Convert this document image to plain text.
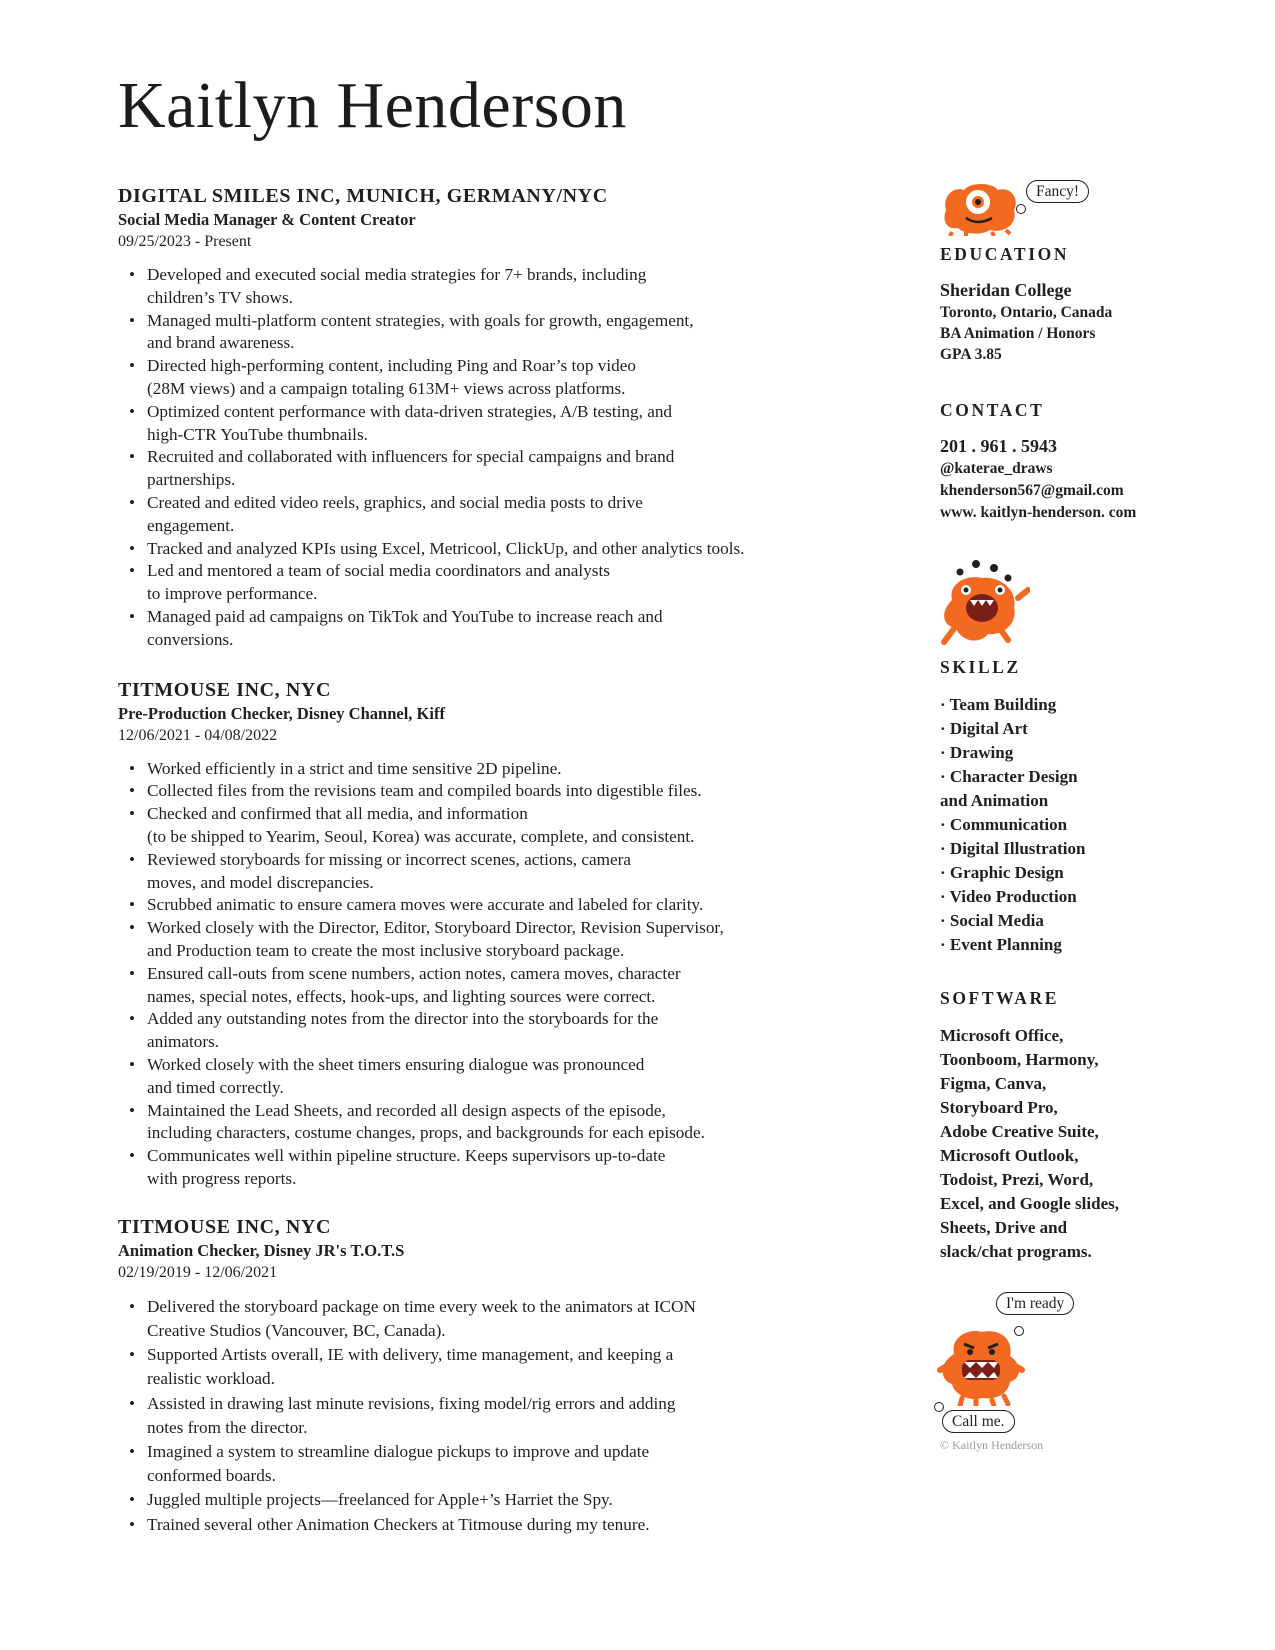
Kaitlyn Henderson
DIGITAL SMILES INC, MUNICH, GERMANY/NYC
Social Media Manager & Content Creator
09/25/2023 - Present
• Developed and executed social media strategies for 7+ brands, including
children’s TV shows.
• Managed multi-platform content strategies, with goals for growth, engagement,
and brand awareness.
• Directed high-performing content, including Ping and Roar’s top video
(28M views) and a campaign totaling 613M+ views across platforms.
• Optimized content performance with data-driven strategies, A/B testing, and
high-CTR YouTube thumbnails.
• Recruited and collaborated with influencers for special campaigns and brand
partnerships.
• Created and edited video reels, graphics, and social media posts to drive
engagement.
• Tracked and analyzed KPIs using Excel, Metricool, ClickUp, and other analytics tools.
• Led and mentored a team of social media coordinators and analysts
to improve performance.
• Managed paid ad campaigns on TikTok and YouTube to increase reach and
conversions.
TITMOUSE INC, NYC
Pre-Production Checker, Disney Channel, Kiff
12/06/2021 - 04/08/2022
• Worked efficiently in a strict and time sensitive 2D pipeline.
• Collected files from the revisions team and compiled boards into digestible files.
• Checked and confirmed that all media, and information
(to be shipped to Yearim, Seoul, Korea) was accurate, complete, and consistent.
• Reviewed storyboards for missing or incorrect scenes, actions, camera
moves, and model discrepancies.
• Scrubbed animatic to ensure camera moves were accurate and labeled for clarity.
• Worked closely with the Director, Editor, Storyboard Director, Revision Supervisor,
and Production team to create the most inclusive storyboard package.
• Ensured call-outs from scene numbers, action notes, camera moves, character
names, special notes, effects, hook-ups, and lighting sources were correct.
• Added any outstanding notes from the director into the storyboards for the
animators.
• Worked closely with the sheet timers ensuring dialogue was pronounced
and timed correctly.
• Maintained the Lead Sheets, and recorded all design aspects of the episode,
including characters, costume changes, props, and backgrounds for each episode.
• Communicates well within pipeline structure. Keeps supervisors up-to-date
with progress reports.
TITMOUSE INC, NYC
Animation Checker, Disney JR's T.O.T.S
02/19/2019 - 12/06/2021
• Delivered the storyboard package on time every week to the animators at ICON
Creative Studios (Vancouver, BC, Canada).
• Supported Artists overall, IE with delivery, time management, and keeping a
realistic workload.
• Assisted in drawing last minute revisions, fixing model/rig errors and adding
notes from the director.
• Imagined a system to streamline dialogue pickups to improve and update
conformed boards.
• Juggled multiple projects—freelanced for Apple+’s Harriet the Spy.
• Trained several other Animation Checkers at Titmouse during my tenure.
Fancy!
EDUCATION
Sheridan College
Toronto, Ontario, Canada
BA Animation / Honors
GPA 3.85
CONTACT
201 . 961 . 5943
@katerae_draws
khenderson567@gmail.com
www. kaitlyn-henderson. com
SKILLZ
· Team Building
· Digital Art
· Drawing
· Character Design
and Animation
· Communication
· Digital Illustration
· Graphic Design
· Video Production
· Social Media
· Event Planning
SOFTWARE
Microsoft Office,
Toonboom, Harmony,
Figma, Canva,
Storyboard Pro,
Adobe Creative Suite,
Microsoft Outlook,
Todoist, Prezi, Word,
Excel, and Google slides,
Sheets, Drive and
slack/chat programs.
I'm ready
Call me.
© Kaitlyn Henderson
